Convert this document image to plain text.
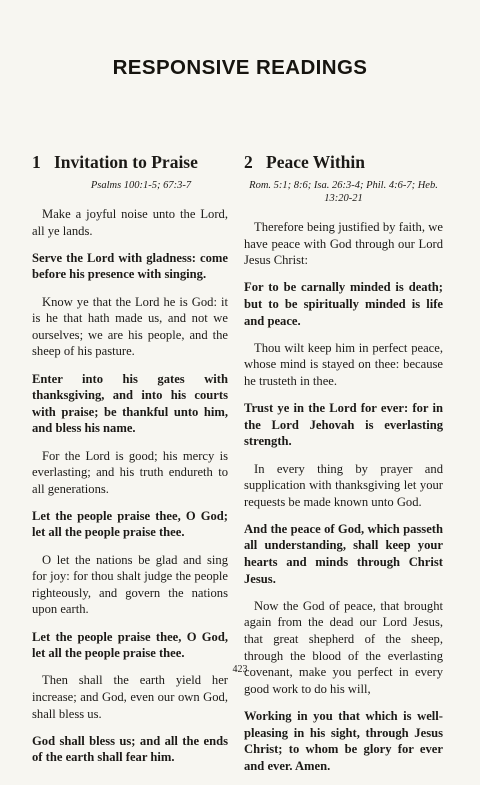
RESPONSIVE READINGS
1 Invitation to Praise
Psalms 100:1-5; 67:3-7

Make a joyful noise unto the Lord, all ye lands.

Serve the Lord with gladness: come before his presence with singing.

Know ye that the Lord he is God: it is he that hath made us, and not we ourselves; we are his people, and the sheep of his pasture.

Enter into his gates with thanksgiving, and into his courts with praise; be thankful unto him, and bless his name.

For the Lord is good; his mercy is everlasting; and his truth endureth to all generations.

Let the people praise thee, O God; let all the people praise thee.

O let the nations be glad and sing for joy: for thou shalt judge the people righteously, and govern the nations upon earth.

Let the people praise thee, O God, let all the people praise thee.

Then shall the earth yield her increase; and God, even our own God, shall bless us.

God shall bless us; and all the ends of the earth shall fear him.

2 Peace Within
Rom. 5:1; 8:6; Isa. 26:3-4; Phil. 4:6-7; Heb. 13:20-21

Therefore being justified by faith, we have peace with God through our Lord Jesus Christ:

For to be carnally minded is death; but to be spiritually minded is life and peace.

Thou wilt keep him in perfect peace, whose mind is stayed on thee: because he trusteth in thee.

Trust ye in the Lord for ever: for in the Lord Jehovah is everlasting strength.

In every thing by prayer and supplication with thanksgiving let your requests be made known unto God.

And the peace of God, which passeth all understanding, shall keep your hearts and minds through Christ Jesus.

Now the God of peace, that brought again from the dead our Lord Jesus, that great shepherd of the sheep, through the blood of the everlasting covenant, make you perfect in every good work to do his will,

Working in you that which is well-pleasing in his sight, through Jesus Christ; to whom be glory for ever and ever. Amen.

423
